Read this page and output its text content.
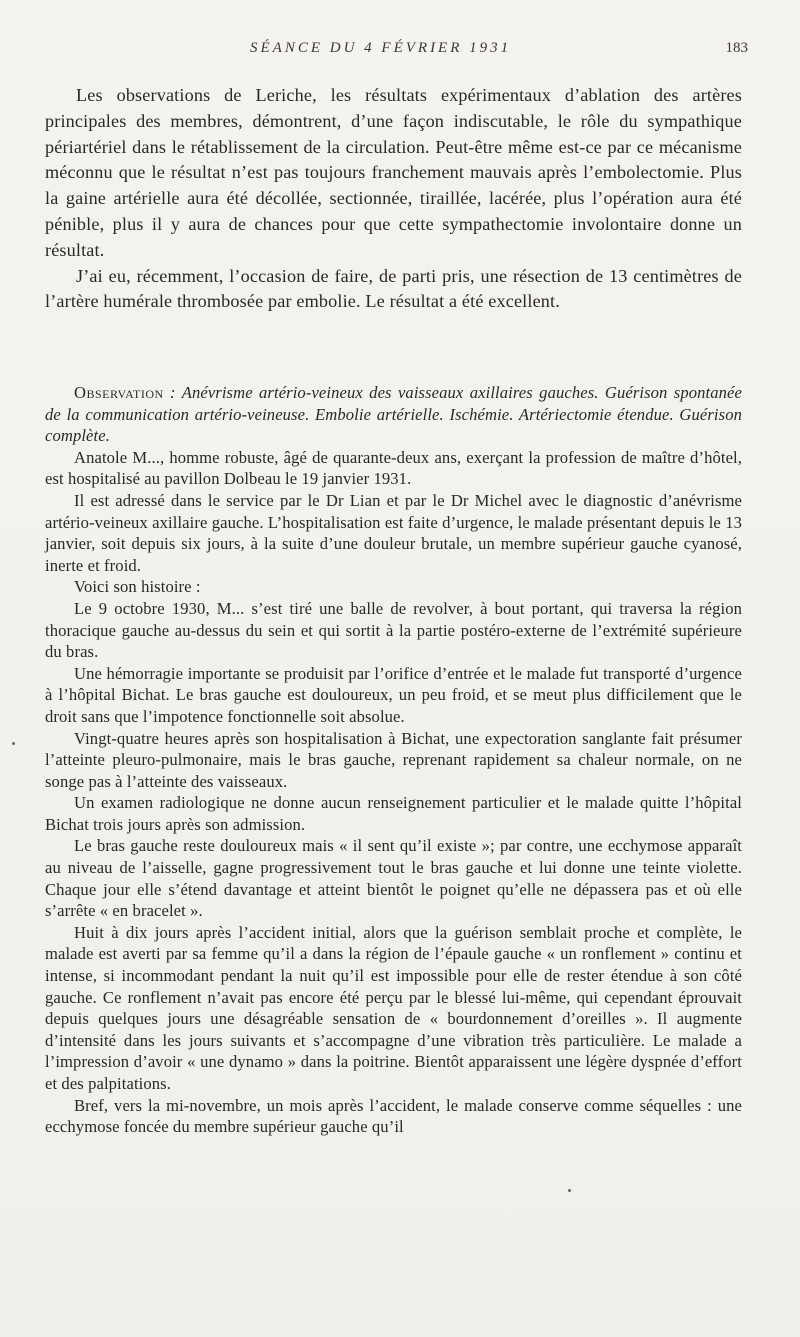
SÉANCE DU 4 FÉVRIER 1931	183

Les observations de Leriche, les résultats expérimentaux d’ablation des artères principales des membres, démontrent, d’une façon indiscutable, le rôle du sympathique périartériel dans le rétablissement de la circulation. Peut-être même est-ce par ce mécanisme méconnu que le résultat n’est pas toujours franchement mauvais après l’embolectomie. Plus la gaine artérielle aura été décollée, sectionnée, tiraillée, lacérée, plus l’opération aura été pénible, plus il y aura de chances pour que cette sympathectomie involontaire donne un résultat.

J’ai eu, récemment, l’occasion de faire, de parti pris, une résection de 13 centimètres de l’artère humérale thrombosée par embolie. Le résultat a été excellent.

Observation : Anévrisme artério-veineux des vaisseaux axillaires gauches. Guérison spontanée de la communication artério-veineuse. Embolie artérielle. Ischémie. Artériectomie étendue. Guérison complète.

Anatole M..., homme robuste, âgé de quarante-deux ans, exerçant la profession de maître d’hôtel, est hospitalisé au pavillon Dolbeau le 19 janvier 1931.

Il est adressé dans le service par le Dr Lian et par le Dr Michel avec le diagnostic d’anévrisme artério-veineux axillaire gauche. L’hospitalisation est faite d’urgence, le malade présentant depuis le 13 janvier, soit depuis six jours, à la suite d’une douleur brutale, un membre supérieur gauche cyanosé, inerte et froid.

Voici son histoire :

Le 9 octobre 1930, M... s’est tiré une balle de revolver, à bout portant, qui traversa la région thoracique gauche au-dessus du sein et qui sortit à la partie postéro-externe de l’extrémité supérieure du bras.

Une hémorragie importante se produisit par l’orifice d’entrée et le malade fut transporté d’urgence à l’hôpital Bichat. Le bras gauche est douloureux, un peu froid, et se meut plus difficilement que le droit sans que l’impotence fonctionnelle soit absolue.

Vingt-quatre heures après son hospitalisation à Bichat, une expectoration sanglante fait présumer l’atteinte pleuro-pulmonaire, mais le bras gauche, reprenant rapidement sa chaleur normale, on ne songe pas à l’atteinte des vaisseaux.

Un examen radiologique ne donne aucun renseignement particulier et le malade quitte l’hôpital Bichat trois jours après son admission.

Le bras gauche reste douloureux mais « il sent qu’il existe »; par contre, une ecchymose apparaît au niveau de l’aisselle, gagne progressivement tout le bras gauche et lui donne une teinte violette. Chaque jour elle s’étend davantage et atteint bientôt le poignet qu’elle ne dépassera pas et où elle s’arrête « en bracelet ».

Huit à dix jours après l’accident initial, alors que la guérison semblait proche et complète, le malade est averti par sa femme qu’il a dans la région de l’épaule gauche « un ronflement » continu et intense, si incommodant pendant la nuit qu’il est impossible pour elle de rester étendue à son côté gauche. Ce ronflement n’avait pas encore été perçu par le blessé lui-même, qui cependant éprouvait depuis quelques jours une désagréable sensation de « bourdonnement d’oreilles ». Il augmente d’intensité dans les jours suivants et s’accompagne d’une vibration très particulière. Le malade a l’impression d’avoir « une dynamo » dans la poitrine. Bientôt apparaissent une légère dyspnée d’effort et des palpitations.

Bref, vers la mi-novembre, un mois après l’accident, le malade conserve comme séquelles : une ecchymose foncée du membre supérieur gauche qu’il
